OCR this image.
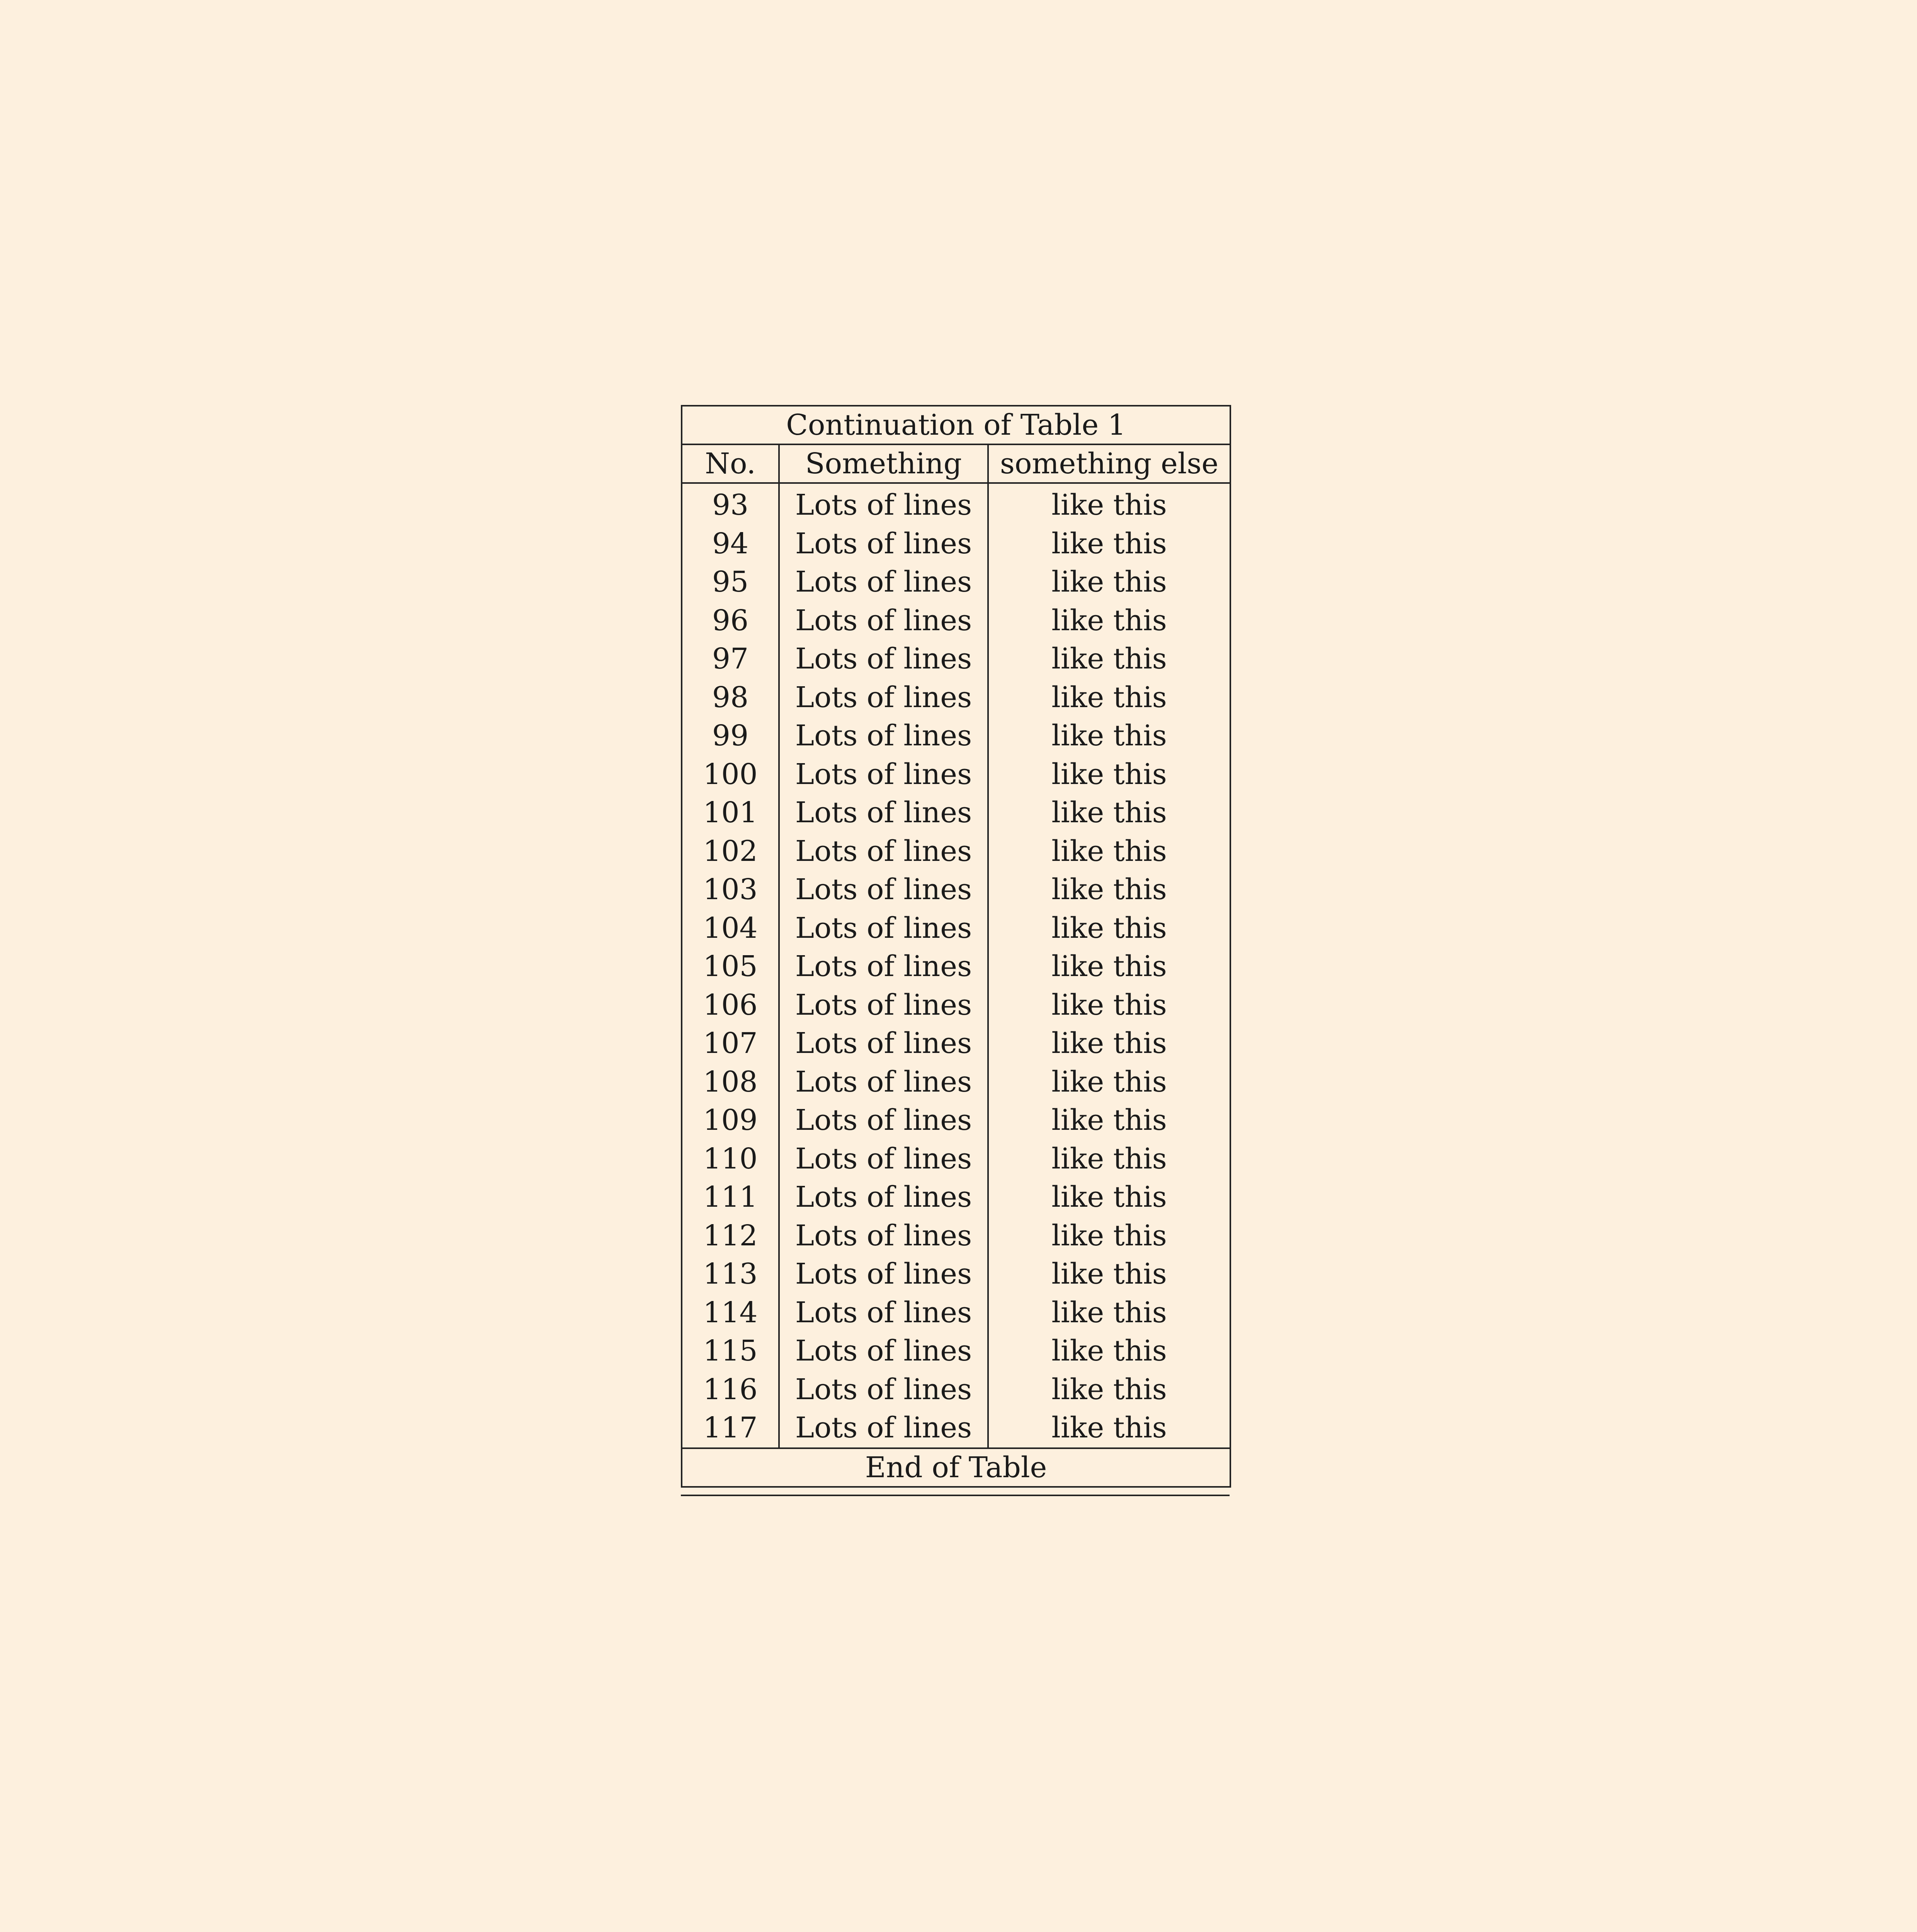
Continuation of Table 1		
No.	Something	something else
93	Lots of lines	like this
94	Lots of lines	like this
95	Lots of lines	like this
96	Lots of lines	like this
97	Lots of lines	like this
98	Lots of lines	like this
99	Lots of lines	like this
100	Lots of lines	like this
101	Lots of lines	like this
102	Lots of lines	like this
103	Lots of lines	like this
104	Lots of lines	like this
105	Lots of lines	like this
106	Lots of lines	like this
107	Lots of lines	like this
108	Lots of lines	like this
109	Lots of lines	like this
110	Lots of lines	like this
111	Lots of lines	like this
112	Lots of lines	like this
113	Lots of lines	like this
114	Lots of lines	like this
115	Lots of lines	like this
116	Lots of lines	like this
117	Lots of lines	like this
End of Table		
